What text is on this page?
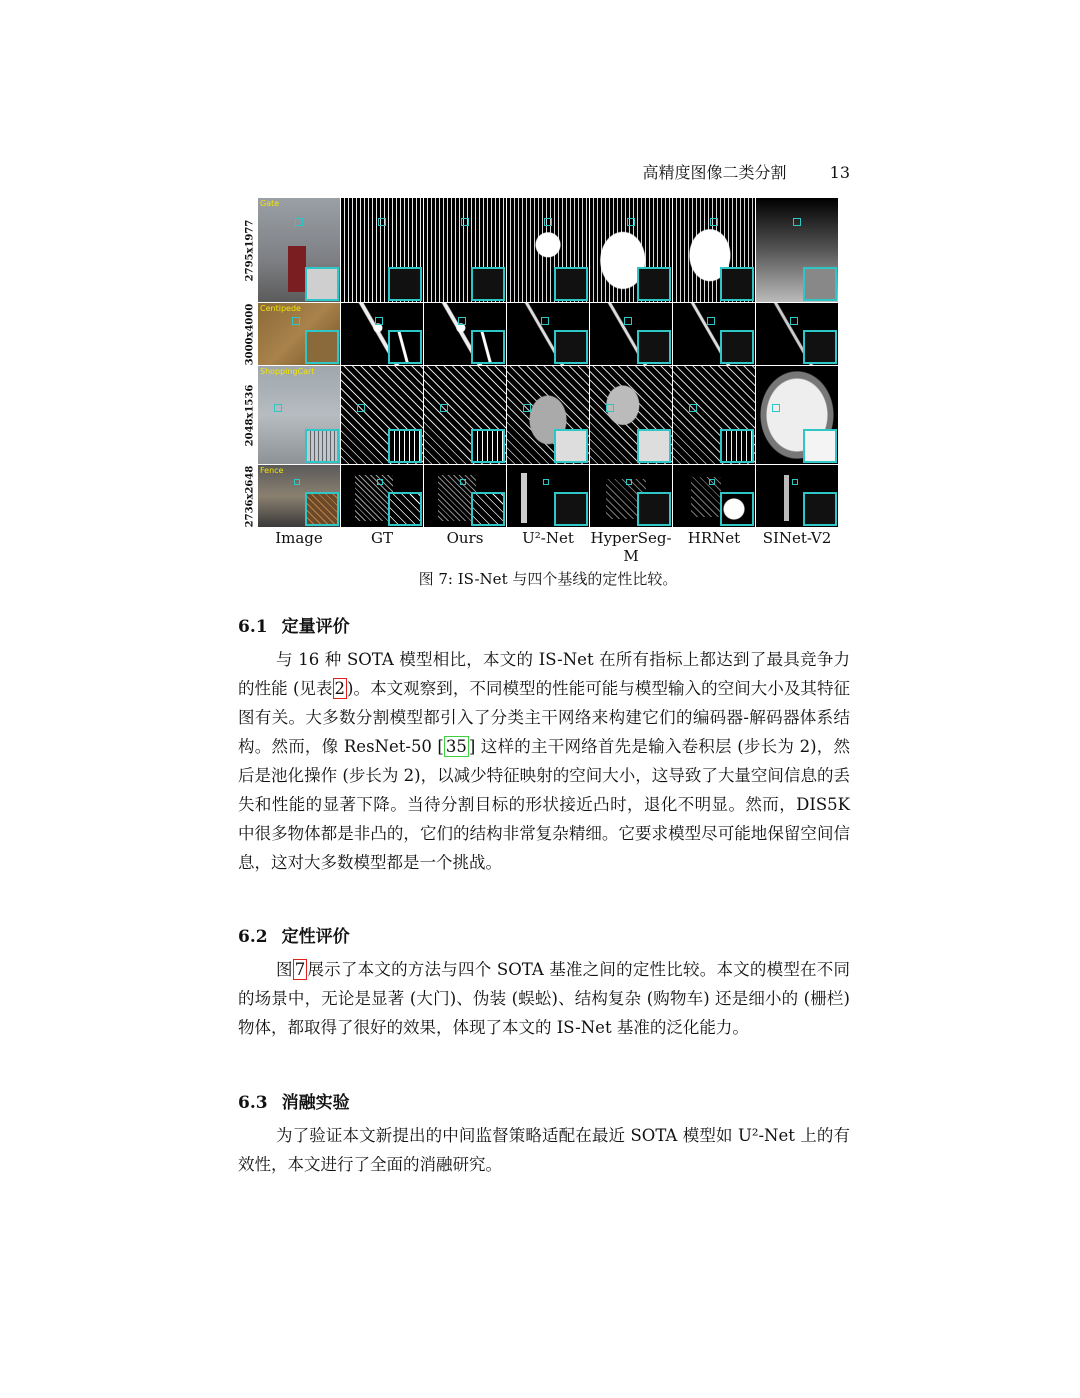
高精度图像二类分割	13
2795x1977
Gate
3000x4000 Centipede
2048x1536
ShoppingCart
2736x2648 Fence
Image	GT	Ours	U²-Net	HyperSeg-M
HRNet	SINet-V2
图 7: IS-Net 与四个基线的定性比较。
6.1 定量评价
与 16 种 SOTA 模型相比，本文的 IS-Net 在所有指标上都达到了最具竞争力的性能 (见表 2 )。本文观察到，不同模型的性能可能与模型输入的空间大小及其特征图有关。大多数分割模型都引入了分类主干网络来构建它们的编码器-解码器体系结构。然而，像 ResNet-50 [ 35 ] 这样的主干网络首先是输入卷积层 (步长为 2)，然后是池化操作 (步长为 2)，以减少特征映射的空间大小，这导致了大量空间信息的丢失和性能的显著下降。当待分割目标的形状接近凸时，退化不明显。然而，DIS5K 中很多物体都是非凸的，它们的结构非常复杂精细。它要求模型尽可能地保留空间信息，这对大多数模型都是一个挑战。
6.2 定性评价
图 7 展示了本文的方法与四个 SOTA 基准之间的定性比较。本文的模型在不同的场景中，无论是显著 (大门)、伪装 (蜈蚣)、结构复杂 (购物车) 还是细小的 (栅栏) 物体，都取得了很好的效果，体现了本文的 IS-Net 基准的泛化能力。
6.3 消融实验
为了验证本文新提出的中间监督策略适配在最近 SOTA 模型如 U²-Net 上的有效性，本文进行了全面的消融研究。
